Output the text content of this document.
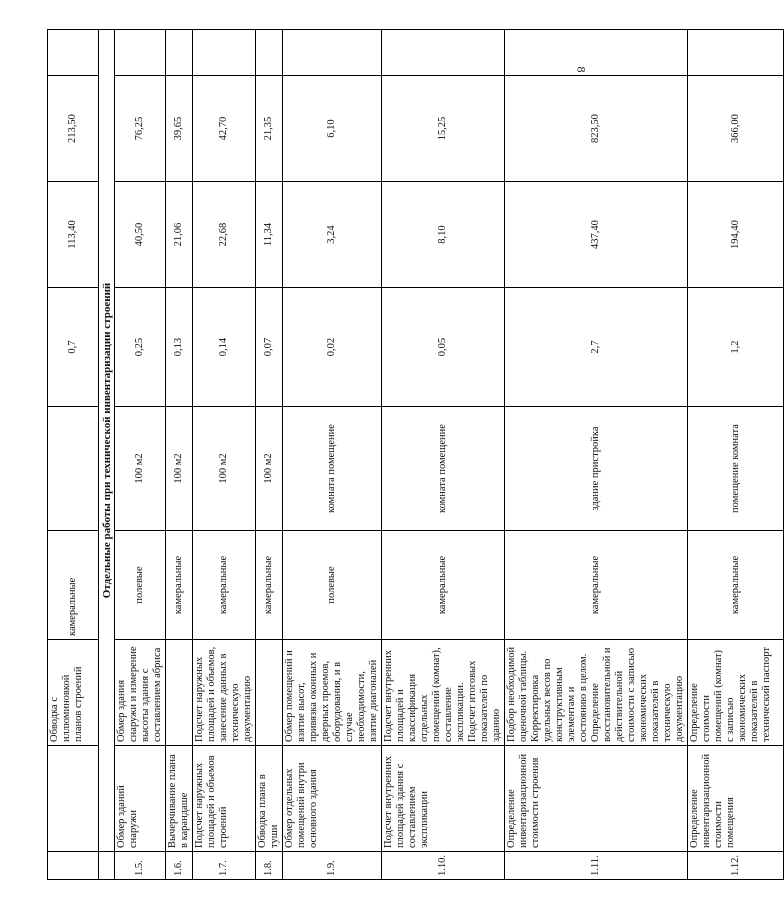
8
		Обводка с иллюминовкой планов строений	камеральные		0,7	113,40	213,50	
	Отдельные работы при технической инвентаризации строений							
1.5.	Обмер зданий снаружи	Обмер здания снаружи и измерение высоты здания с составлением абриса	полевые	100 м2	0,25	40,50	76,25	
1.6.	Вычерчивание плана в карандаше		камеральные	100 м2	0,13	21,06	39,65	
1.7.	Подсчет наружных площадей и объемов строений	Подсчет наружных площадей и объемов, занесение данных в техническую документацию	камеральные	100 м2	0,14	22,68	42,70	
1.8.	Обводка плана в туши		камеральные	100 м2	0,07	11,34	21,35	
1.9.	Обмер отдельных помещений внутри основного здания	Обмер помещений и взятие высот, привязка оконных и дверных проемов, оборудования, и в случае необходимости, взятие диагоналей	полевые	комната помещение	0,02	3,24	6,10	
1.10.	Подсчет внутренних площадей здания с составлением экспликации	Подсчет внутренних площадей и классификация отдельных помещений (комнат), составление экспликации. Подсчет итоговых показателей по зданию	камеральные	комната помещение	0,05	8,10	15,25	
1.11.	Определение инвентаризационной стоимости строения	Подбор необходимой оценочной таблицы. Корректировка удельных весов по конструктивным элементам и состоянию в целом. Определение восстановительной и действительной стоимости с записью экономических показателей в техническую документацию	камеральные	здание пристройка	2,7	437,40	823,50	
1.12.	Определение инвентаризационной стоимости помещения	Определение стоимости помещений (комнат) с записью экономических показателей в технический паспорт	камеральные	помещение комната	1,2	194,40	366,00	
